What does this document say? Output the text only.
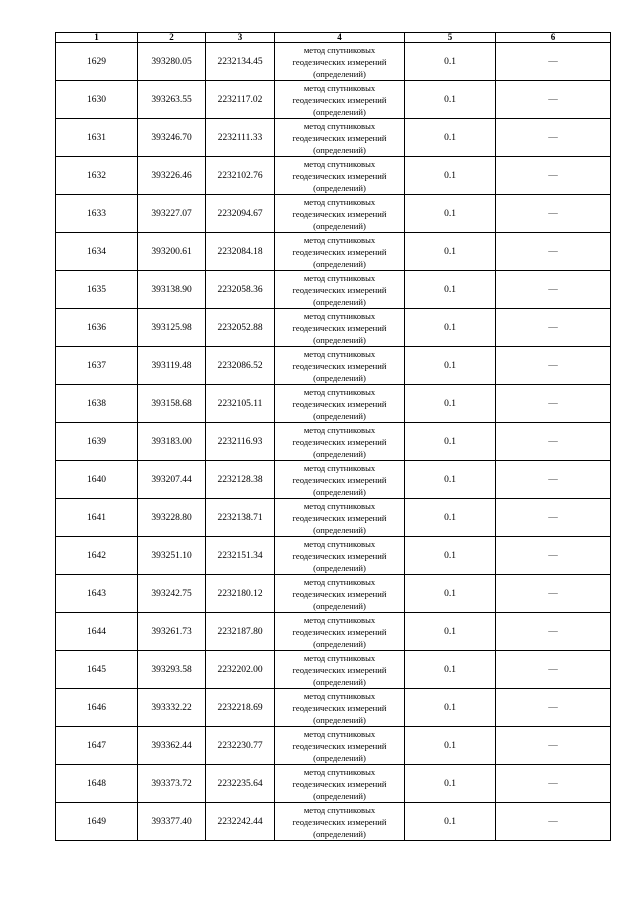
1	2	3	4	5	6
1629	393280.05	2232134.45	метод спутниковых
геодезических измерений
(определений)	0.1	—
1630	393263.55	2232117.02	метод спутниковых
геодезических измерений
(определений)	0.1	—
1631	393246.70	2232111.33	метод спутниковых
геодезических измерений
(определений)	0.1	—
1632	393226.46	2232102.76	метод спутниковых
геодезических измерений
(определений)	0.1	—
1633	393227.07	2232094.67	метод спутниковых
геодезических измерений
(определений)	0.1	—
1634	393200.61	2232084.18	метод спутниковых
геодезических измерений
(определений)	0.1	—
1635	393138.90	2232058.36	метод спутниковых
геодезических измерений
(определений)	0.1	—
1636	393125.98	2232052.88	метод спутниковых
геодезических измерений
(определений)	0.1	—
1637	393119.48	2232086.52	метод спутниковых
геодезических измерений
(определений)	0.1	—
1638	393158.68	2232105.11	метод спутниковых
геодезических измерений
(определений)	0.1	—
1639	393183.00	2232116.93	метод спутниковых
геодезических измерений
(определений)	0.1	—
1640	393207.44	2232128.38	метод спутниковых
геодезических измерений
(определений)	0.1	—
1641	393228.80	2232138.71	метод спутниковых
геодезических измерений
(определений)	0.1	—
1642	393251.10	2232151.34	метод спутниковых
геодезических измерений
(определений)	0.1	—
1643	393242.75	2232180.12	метод спутниковых
геодезических измерений
(определений)	0.1	—
1644	393261.73	2232187.80	метод спутниковых
геодезических измерений
(определений)	0.1	—
1645	393293.58	2232202.00	метод спутниковых
геодезических измерений
(определений)	0.1	—
1646	393332.22	2232218.69	метод спутниковых
геодезических измерений
(определений)	0.1	—
1647	393362.44	2232230.77	метод спутниковых
геодезических измерений
(определений)	0.1	—
1648	393373.72	2232235.64	метод спутниковых
геодезических измерений
(определений)	0.1	—
1649	393377.40	2232242.44	метод спутниковых
геодезических измерений
(определений)	0.1	—
